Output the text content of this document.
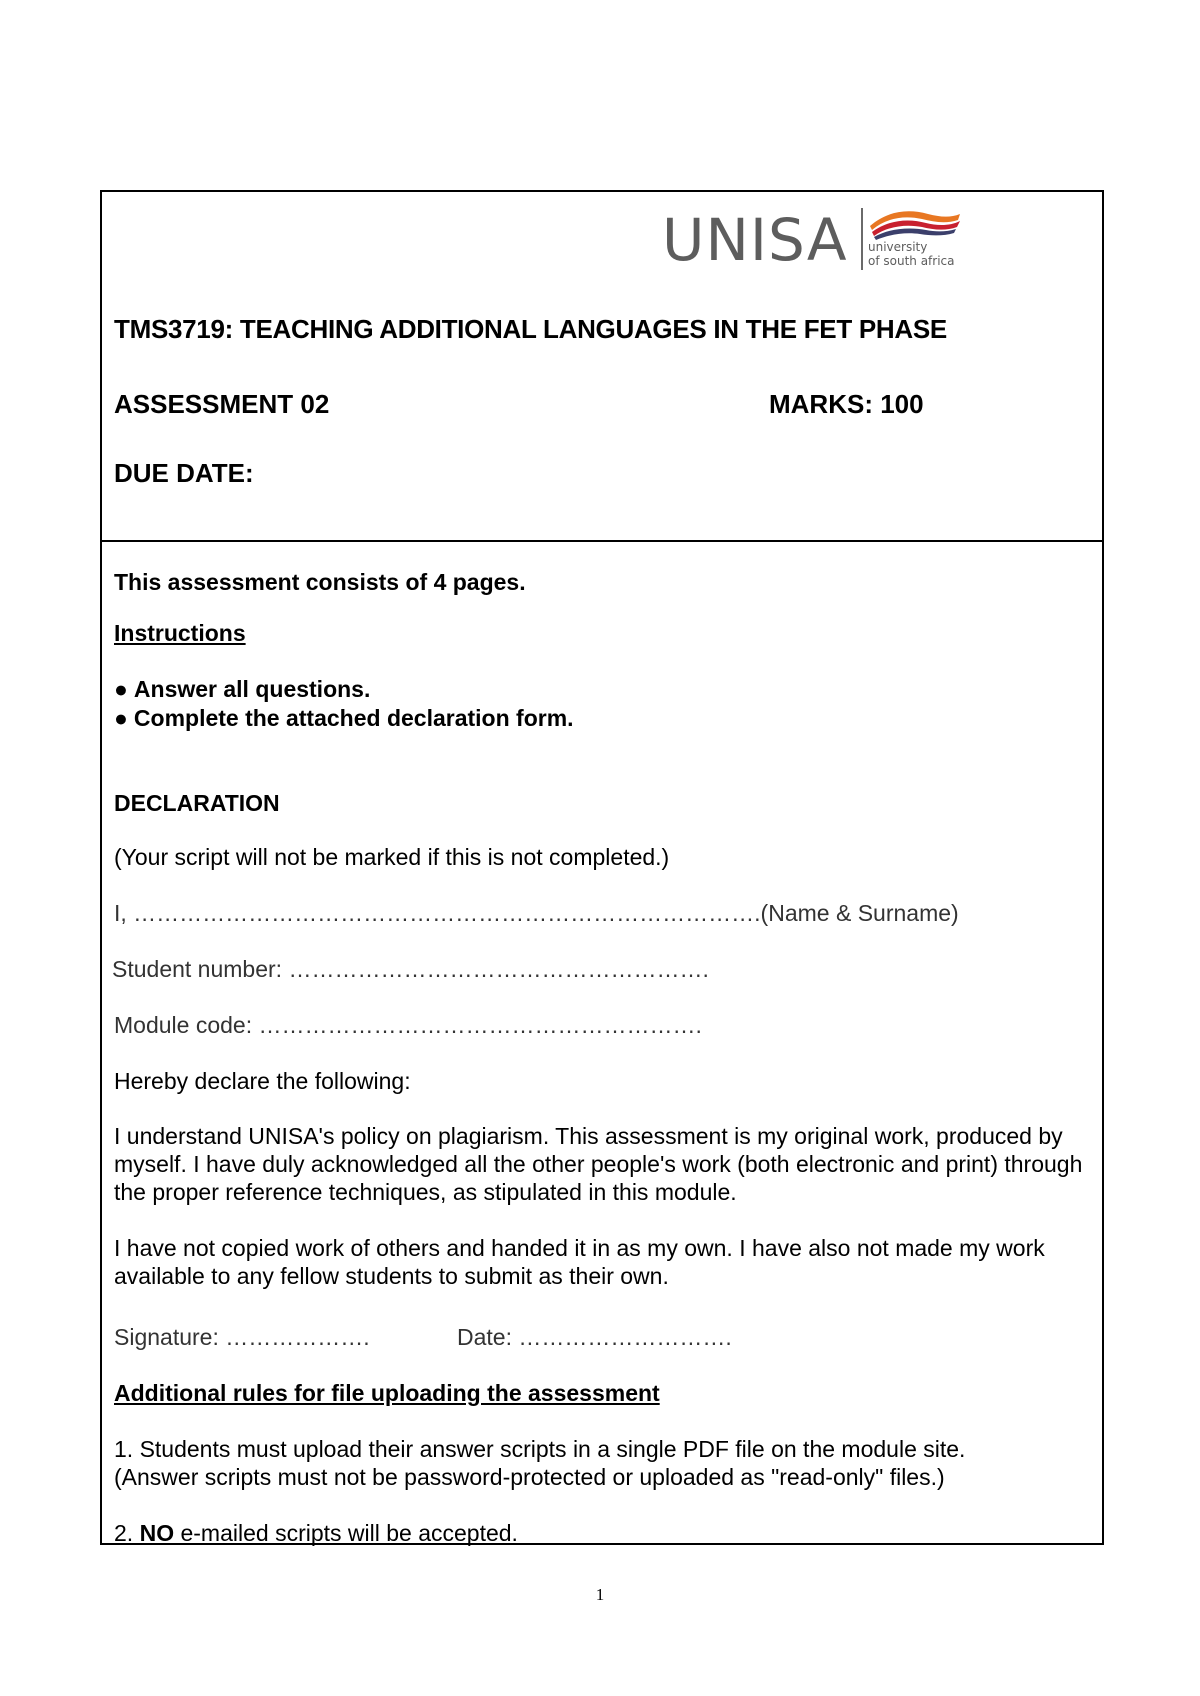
UNISA university
of south africa
TMS3719: TEACHING ADDITIONAL LANGUAGES IN THE FET PHASE
ASSESSMENT 02	MARKS: 100
DUE DATE:
This assessment consists of 4 pages.
Instructions
● Answer all questions.
● Complete the attached declaration form.
DECLARATION
(Your script will not be marked if this is not completed.)
I, ……………………………………………………………………….(Name & Surname)
Student number: ……………………………………………….
Module code: ………………………………………………….
Hereby declare the following:
I understand UNISA's policy on plagiarism. This assessment is my original work, produced by myself. I have duly acknowledged all the other people's work (both electronic and print) through the proper reference techniques, as stipulated in this module.
I have not copied work of others and handed it in as my own. I have also not made my work available to any fellow students to submit as their own.
Signature: ……………….	Date: ……………………….
Additional rules for file uploading the assessment
1. Students must upload their answer scripts in a single PDF file on the module site.
(Answer scripts must not be password-protected or uploaded as "read-only" files.)
2. NO e-mailed scripts will be accepted.
1
